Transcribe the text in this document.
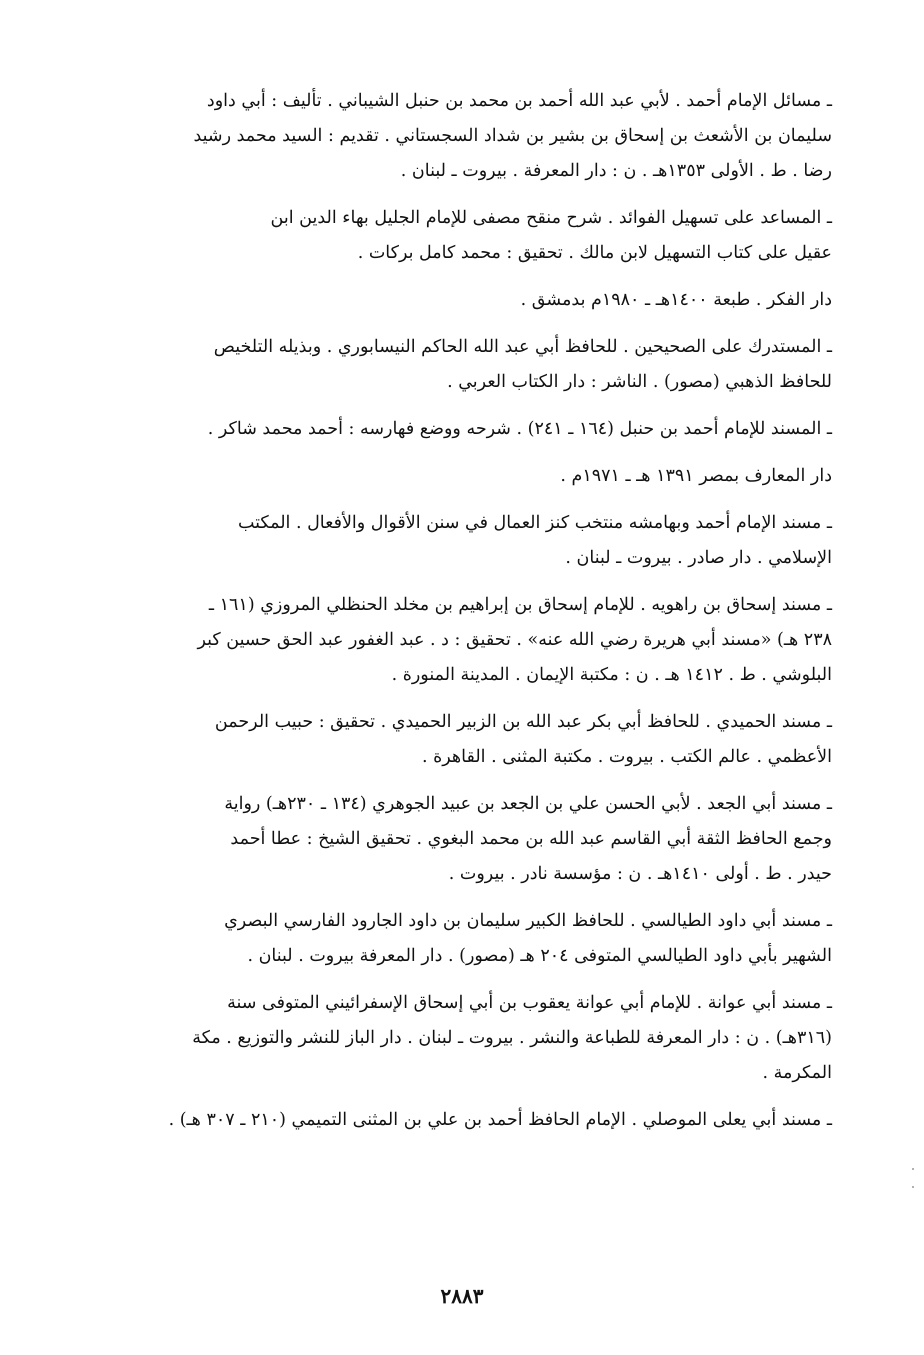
ـ مسائل الإمام أحمد . لأبي عبد الله أحمد بن محمد بن حنبل الشيباني . تأليف : أبي داود
سليمان بن الأشعث بن إسحاق بن بشير بن شداد السجستاني . تقديم : السيد محمد رشيد
رضا . ط . الأولى ١٣٥٣هـ . ن : دار المعرفة . بيروت ـ لبنان .

ـ المساعد على تسهيل الفوائد . شرح منقح مصفى للإمام الجليل بهاء الدين ابن
عقيل على كتاب التسهيل لابن مالك . تحقيق : محمد كامل بركات .

دار الفكر . طبعة ١٤٠٠هـ ـ ١٩٨٠م بدمشق .

ـ المستدرك على الصحيحين . للحافظ أبي عبد الله الحاكم النيسابوري . وبذيله التلخيص
للحافظ الذهبي (مصور) . الناشر : دار الكتاب العربي .

ـ المسند للإمام أحمد بن حنبل (١٦٤ ـ ٢٤١) . شرحه ووضع فهارسه : أحمد محمد شاكر .

دار المعارف بمصر ١٣٩١ هـ ـ ١٩٧١م .

ـ مسند الإمام أحمد وبهامشه منتخب كنز العمال في سنن الأقوال والأفعال . المكتب
الإسلامي . دار صادر . بيروت ـ لبنان .

ـ مسند إسحاق بن راهويه . للإمام إسحاق بن إبراهيم بن مخلد الحنظلي المروزي (١٦١ ـ
٢٣٨ هـ) «مسند أبي هريرة رضي الله عنه» . تحقيق : د . عبد الغفور عبد الحق حسين كبر
البلوشي . ط . ١٤١٢ هـ . ن : مكتبة الإيمان . المدينة المنورة .

ـ مسند الحميدي . للحافظ أبي بكر عبد الله بن الزبير الحميدي . تحقيق : حبيب الرحمن
الأعظمي . عالم الكتب . بيروت . مكتبة المثنى . القاهرة .

ـ مسند أبي الجعد . لأبي الحسن علي بن الجعد بن عبيد الجوهري (١٣٤ ـ ٢٣٠هـ) رواية
وجمع الحافظ الثقة أبي القاسم عبد الله بن محمد البغوي . تحقيق الشيخ : عطا أحمد
حيدر . ط . أولى ١٤١٠هـ . ن : مؤسسة نادر . بيروت .

ـ مسند أبي داود الطيالسي . للحافظ الكبير سليمان بن داود الجارود الفارسي البصري
الشهير بأبي داود الطيالسي المتوفى ٢٠٤ هـ (مصور) . دار المعرفة بيروت . لبنان .

ـ مسند أبي عوانة . للإمام أبي عوانة يعقوب بن أبي إسحاق الإسفرائيني المتوفى سنة
(٣١٦هـ) . ن : دار المعرفة للطباعة والنشر . بيروت ـ لبنان . دار الباز للنشر والتوزيع . مكة
المكرمة .

ـ مسند أبي يعلى الموصلي . الإمام الحافظ أحمد بن علي بن المثنى التميمي (٢١٠ ـ ٣٠٧ هـ) .

٢٨٨٣
